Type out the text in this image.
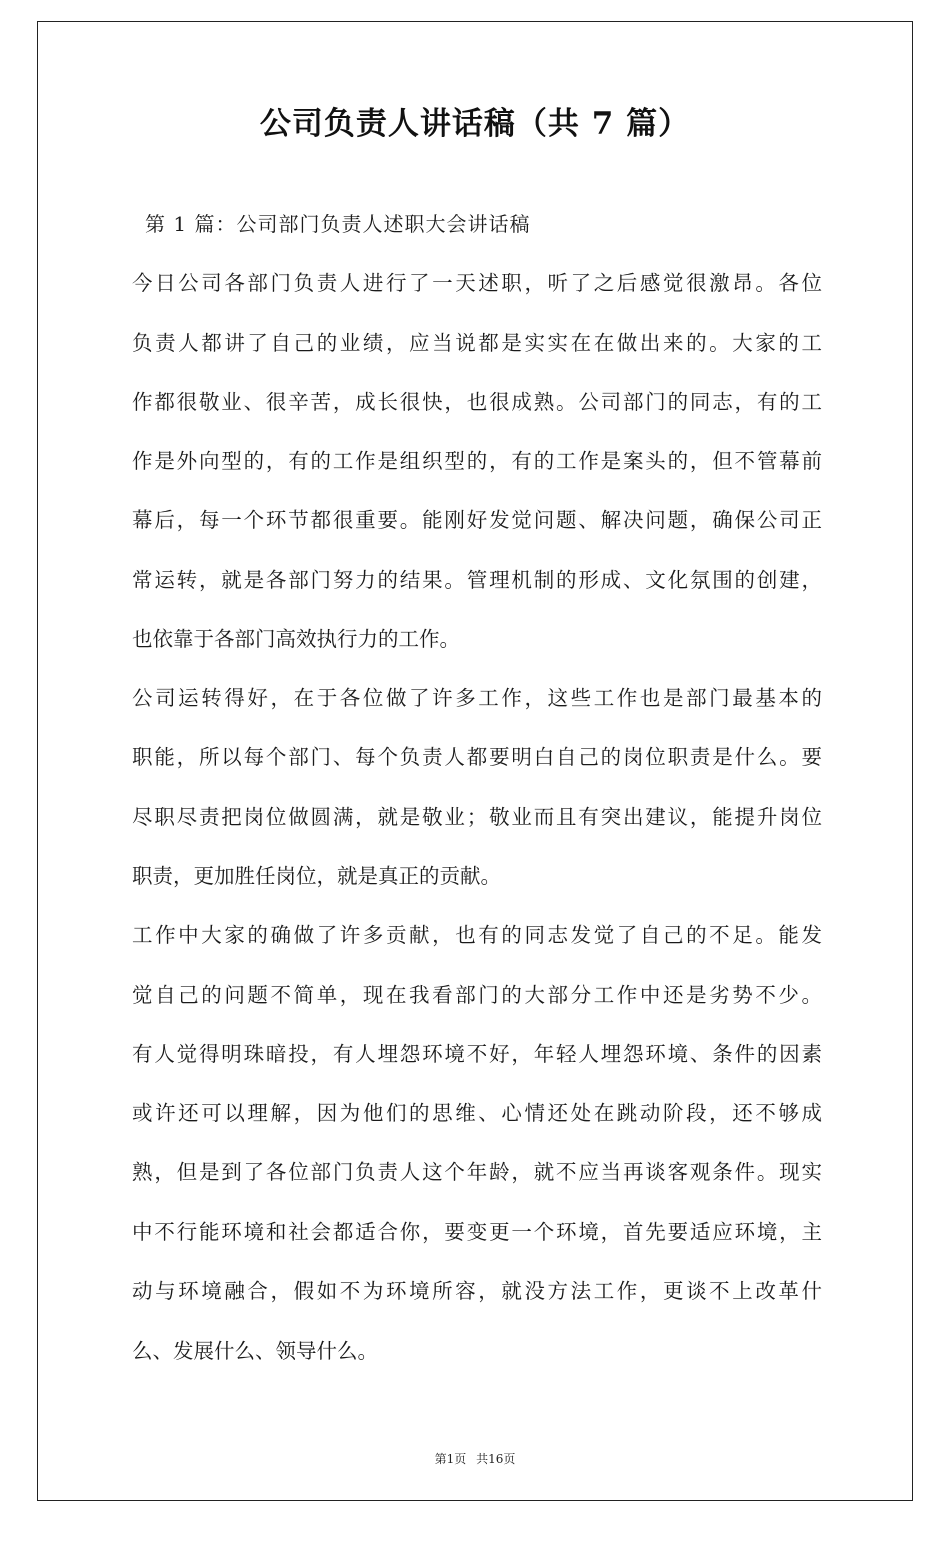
公司负责人讲话稿（共 7 篇）
第 1 篇：公司部门负责人述职大会讲话稿
今日公司各部门负责人进行了一天述职，听了之后感觉很激昂。各位
负责人都讲了自己的业绩，应当说都是实实在在做出来的。大家的工
作都很敬业、很辛苦，成长很快，也很成熟。公司部门的同志，有的工
作是外向型的，有的工作是组织型的，有的工作是案头的，但不管幕前
幕后，每一个环节都很重要。能刚好发觉问题、解决问题，确保公司正
常运转，就是各部门努力的结果。管理机制的形成、文化氛围的创建，
也依靠于各部门高效执行力的工作。
公司运转得好，在于各位做了许多工作，这些工作也是部门最基本的
职能，所以每个部门、每个负责人都要明白自己的岗位职责是什么。要
尽职尽责把岗位做圆满，就是敬业；敬业而且有突出建议，能提升岗位
职责，更加胜任岗位，就是真正的贡献。
工作中大家的确做了许多贡献，也有的同志发觉了自己的不足。能发
觉自己的问题不简单，现在我看部门的大部分工作中还是劣势不少。
有人觉得明珠暗投，有人埋怨环境不好，年轻人埋怨环境、条件的因素
或许还可以理解，因为他们的思维、心情还处在跳动阶段，还不够成
熟，但是到了各位部门负责人这个年龄，就不应当再谈客观条件。现实
中不行能环境和社会都适合你，要变更一个环境，首先要适应环境，主
动与环境融合，假如不为环境所容，就没方法工作，更谈不上改革什
么、发展什么、领导什么。
第1页 共16页
